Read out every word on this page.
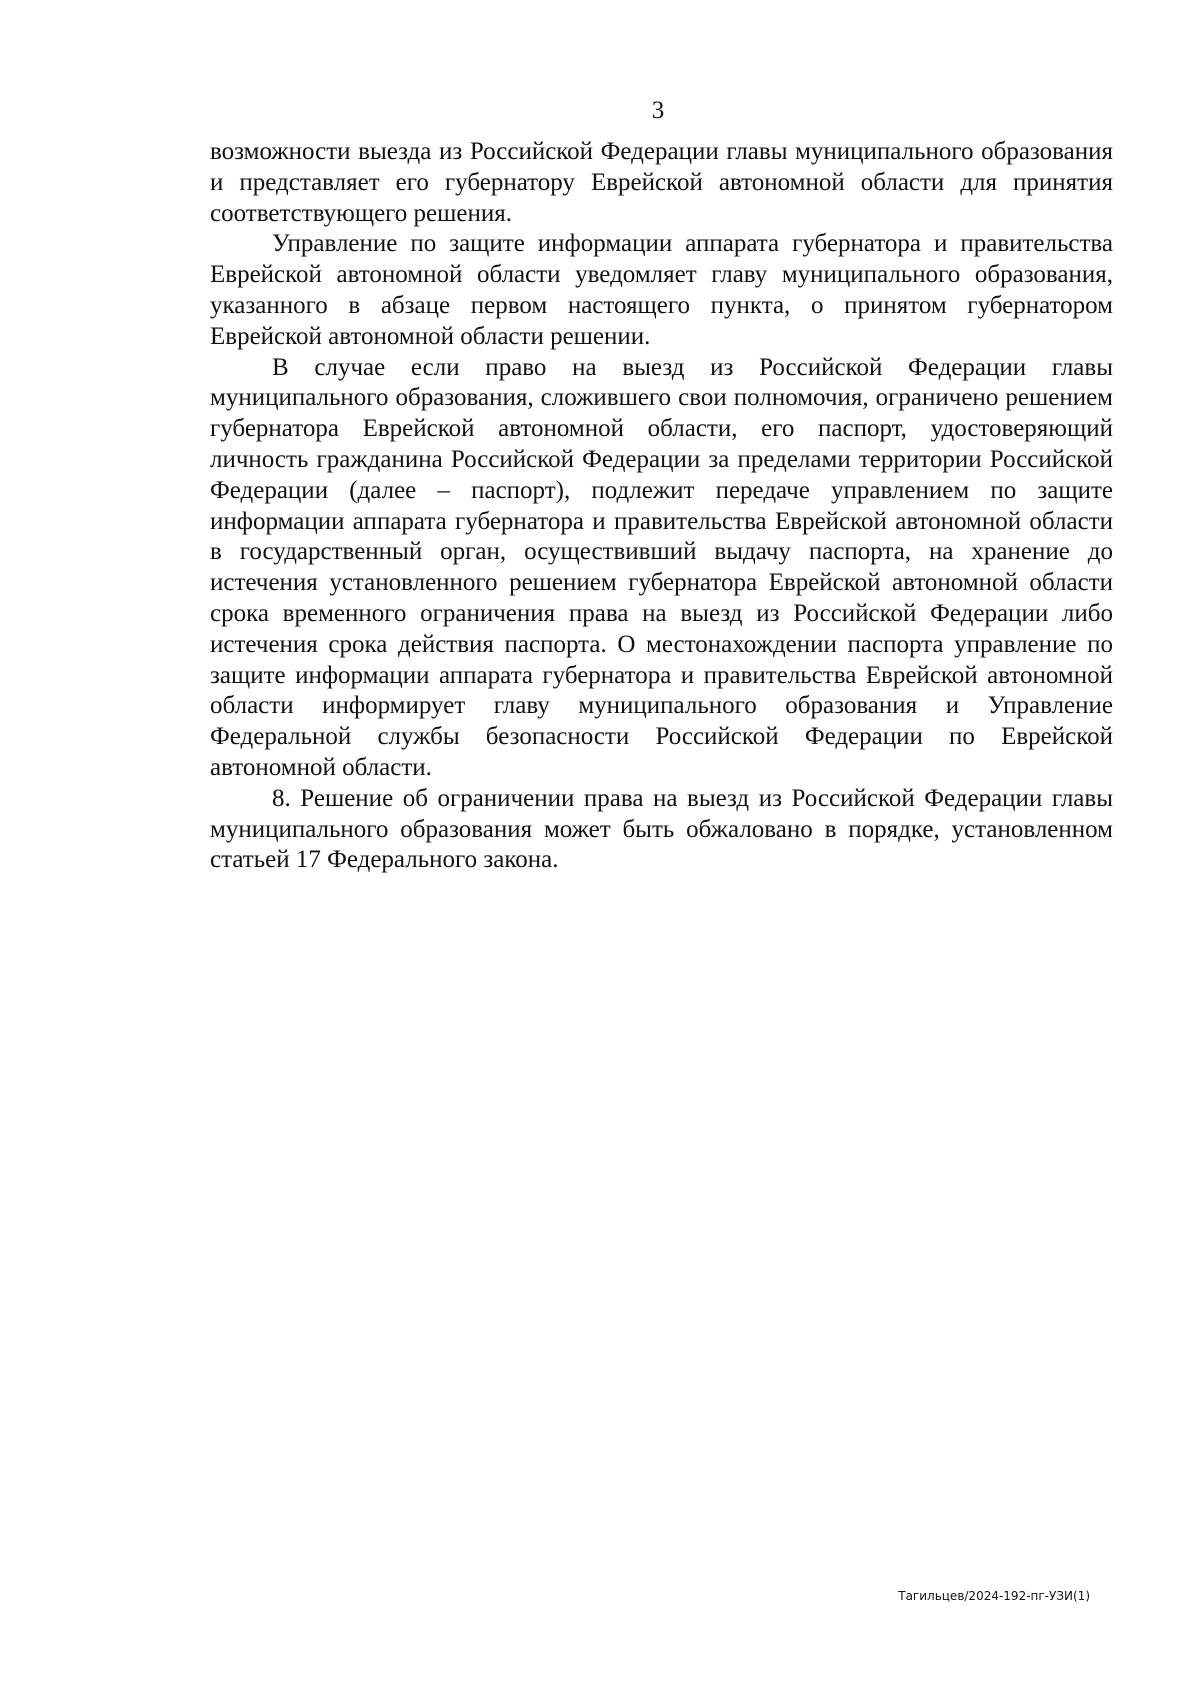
3

возможности выезда из Российской Федерации главы муниципального образования и представляет его губернатору Еврейской автономной области для принятия соответствующего решения.

Управление по защите информации аппарата губернатора и правительства Еврейской автономной области уведомляет главу муниципального образования, указанного в абзаце первом настоящего пункта, о принятом губернатором Еврейской автономной области решении.

В случае если право на выезд из Российской Федерации главы муниципального образования, сложившего свои полномочия, ограничено решением губернатора Еврейской автономной области, его паспорт, удостоверяющий личность гражданина Российской Федерации за пределами территории Российской Федерации (далее – паспорт), подлежит передаче управлением по защите информации аппарата губернатора и правительства Еврейской автономной области в государственный орган, осуществивший выдачу паспорта, на хранение до истечения установленного решением губернатора Еврейской автономной области срока временного ограничения права на выезд из Российской Федерации либо истечения срока действия паспорта. О местонахождении паспорта управление по защите информации аппарата губернатора и правительства Еврейской автономной области информирует главу муниципального образования и Управление Федеральной службы безопасности Российской Федерации по Еврейской автономной области.

8. Решение об ограничении права на выезд из Российской Федерации главы муниципального образования может быть обжаловано в порядке, установленном статьей 17 Федерального закона.

Тагильцев/2024-192-пг-УЗИ(1)
